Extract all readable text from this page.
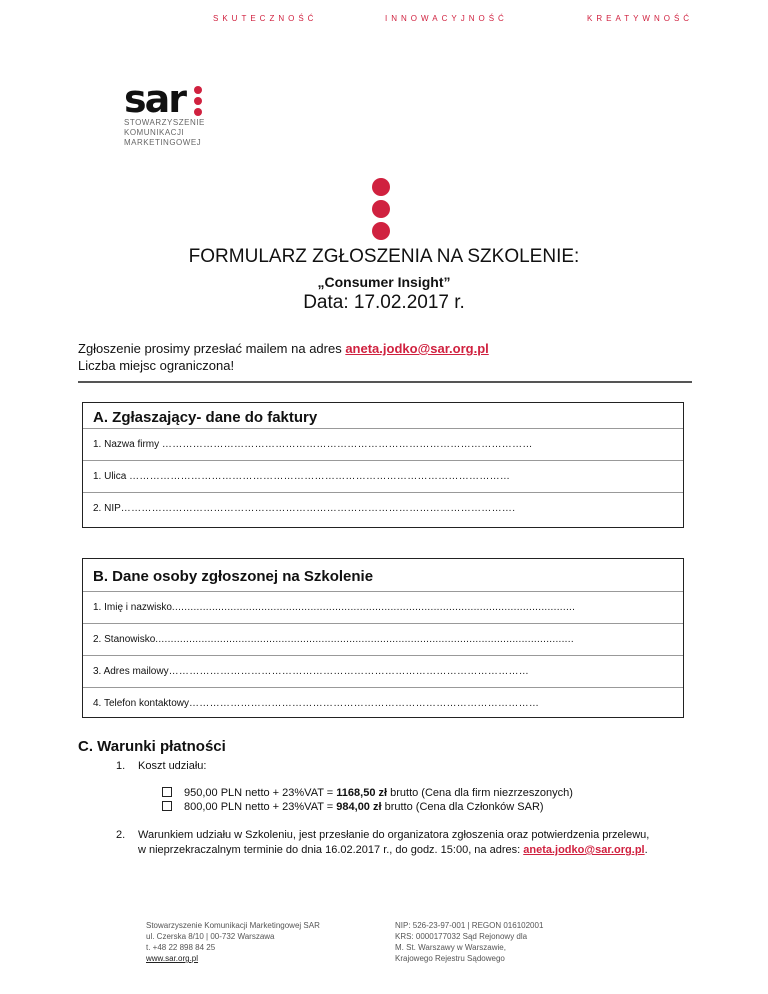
SKUTECZNOŚĆ	INNOWACYJNOŚĆ	KREATYWNOŚĆ
sar
STOWARZYSZENIE
KOMUNIKACJI
MARKETINGOWEJ
FORMULARZ ZGŁOSZENIA NA SZKOLENIE:
„Consumer Insight”
Data: 17.02.2017 r.
Zgłoszenie prosimy przesłać mailem na adres aneta.jodko@sar.org.pl
Liczba miejsc ograniczona!
A. Zgłaszający- dane do faktury
1. Nazwa firmy ………………………………………………………………………………………………
1. Ulica …………………………………………………………………………………………………
2. NIP…………………………………………………………………………………………………….
B. Dane osoby zgłoszonej na Szkolenie
1. Imię i nazwisko...................................................................................................................................
2. Stanowisko........................................................................................................................................
3. Adres mailowy……………………………………………………………………………………………
4. Telefon kontaktowy…………………………………………………………………………………………
C. Warunki płatności
1. Koszt udziału:
950,00 PLN netto + 23%VAT = 1168,50 zł brutto (Cena dla firm niezrzeszonych)
800,00 PLN netto + 23%VAT = 984,00 zł brutto (Cena dla Członków SAR)
2. Warunkiem udziału w Szkoleniu, jest przesłanie do organizatora zgłoszenia oraz potwierdzenia przelewu, w nieprzekraczalnym terminie do dnia 16.02.2017 r., do godz. 15:00, na adres: aneta.jodko@sar.org.pl.
Stowarzyszenie Komunikacji Marketingowej SAR
ul. Czerska 8/10 | 00-732 Warszawa
t. +48 22 898 84 25
www.sar.org.pl
NIP: 526-23-97-001 | REGON 016102001
KRS: 0000177032 Sąd Rejonowy dla
M. St. Warszawy w Warszawie,
Krajowego Rejestru Sądowego
